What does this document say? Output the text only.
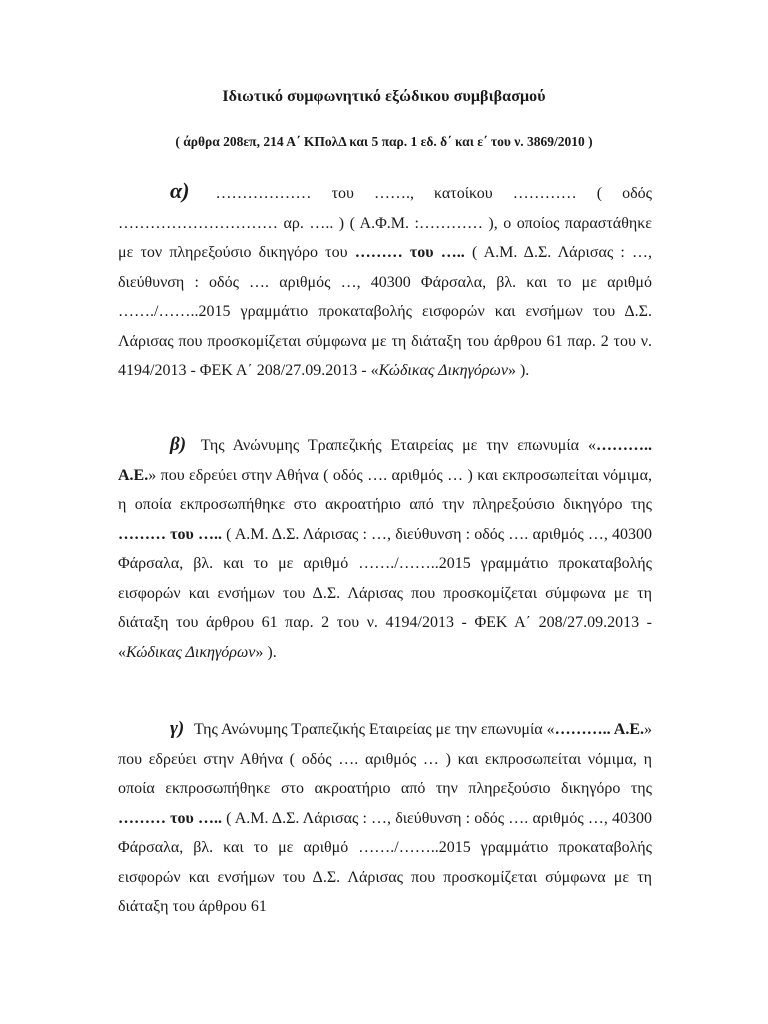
Ιδιωτικό συμφωνητικό εξώδικου συμβιβασμού
( άρθρα 208επ, 214 Α΄ ΚΠολΔ και 5 παρ. 1 εδ. δ΄ και ε΄ του ν. 3869/2010 )
α) ……………… του ……., κατοίκου ………… ( οδός ………………………… αρ. ….. ) ( Α.Φ.Μ. :………… ), ο οποίος παραστάθηκε με τον πληρεξούσιο δικηγόρο του ……… του ….. ( Α.Μ. Δ.Σ. Λάρισας : …, διεύθυνση : οδός …. αριθμός …, 40300 Φάρσαλα, βλ. και το με αριθμό ……./……..2015 γραμμάτιο προκαταβολής εισφορών και ενσήμων του Δ.Σ. Λάρισας που προσκομίζεται σύμφωνα με τη διάταξη του άρθρου 61 παρ. 2 του ν. 4194/2013 - ΦΕΚ Α΄ 208/27.09.2013 - «Κώδικας Δικηγόρων» ).
β) Της Ανώνυμης Τραπεζικής Εταιρείας με την επωνυμία «……….. Α.Ε.» που εδρεύει στην Αθήνα ( οδός …. αριθμός … ) και εκπροσωπείται νόμιμα, η οποία εκπροσωπήθηκε στο ακροατήριο από την πληρεξούσιο δικηγόρο της ……… του ….. ( Α.Μ. Δ.Σ. Λάρισας : …, διεύθυνση : οδός …. αριθμός …, 40300 Φάρσαλα, βλ. και το με αριθμό ……./……..2015 γραμμάτιο προκαταβολής εισφορών και ενσήμων του Δ.Σ. Λάρισας που προσκομίζεται σύμφωνα με τη διάταξη του άρθρου 61 παρ. 2 του ν. 4194/2013 - ΦΕΚ Α΄ 208/27.09.2013 - «Κώδικας Δικηγόρων» ).
γ) Της Ανώνυμης Τραπεζικής Εταιρείας με την επωνυμία «……….. Α.Ε.» που εδρεύει στην Αθήνα ( οδός …. αριθμός … ) και εκπροσωπείται νόμιμα, η οποία εκπροσωπήθηκε στο ακροατήριο από την πληρεξούσιο δικηγόρο της ……… του ….. ( Α.Μ. Δ.Σ. Λάρισας : …, διεύθυνση : οδός …. αριθμός …, 40300 Φάρσαλα, βλ. και το με αριθμό ……./……..2015 γραμμάτιο προκαταβολής εισφορών και ενσήμων του Δ.Σ. Λάρισας που προσκομίζεται σύμφωνα με τη διάταξη του άρθρου 61
